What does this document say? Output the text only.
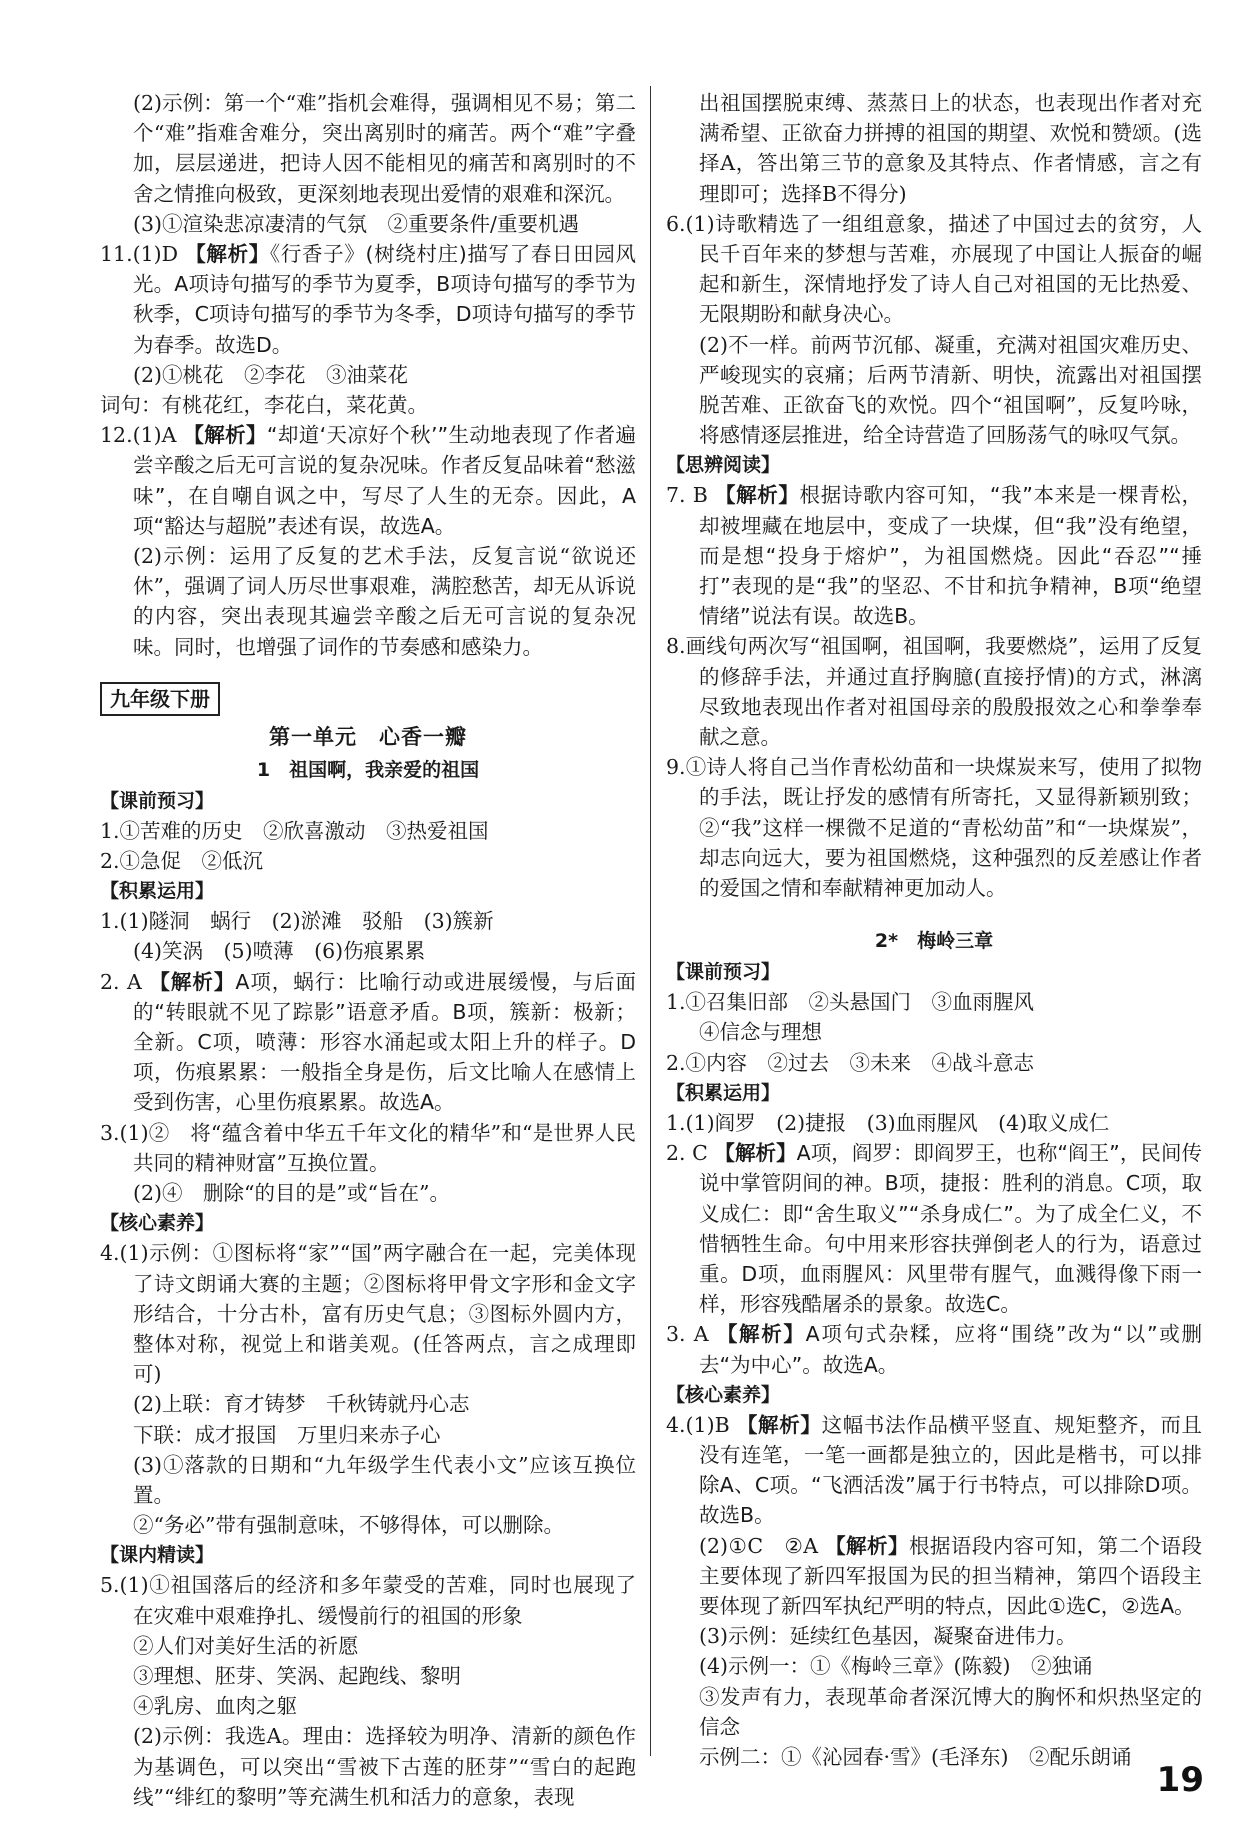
(2)示例：第一个“难”指机会难得，强调相见不易；第二个“难”指难舍难分，突出离别时的痛苦。两个“难”字叠加，层层递进，把诗人因不能相见的痛苦和离别时的不舍之情推向极致，更深刻地表现出爱情的艰难和深沉。

(3)①渲染悲凉凄清的气氛　②重要条件/重要机遇

11.(1)D 【解析】《行香子》(树绕村庄)描写了春日田园风光。A项诗句描写的季节为夏季，B项诗句描写的季节为秋季，C项诗句描写的季节为冬季，D项诗句描写的季节为春季。故选D。

(2)①桃花　②李花　③油菜花

词句：有桃花红，李花白，菜花黄。

12.(1)A 【解析】“却道‘天凉好个秋’”生动地表现了作者遍尝辛酸之后无可言说的复杂况味。作者反复品味着“愁滋味”，在自嘲自讽之中，写尽了人生的无奈。因此，A项“豁达与超脱”表述有误，故选A。

(2)示例：运用了反复的艺术手法，反复言说“欲说还休”，强调了词人历尽世事艰难，满腔愁苦，却无从诉说的内容，突出表现其遍尝辛酸之后无可言说的复杂况味。同时，也增强了词作的节奏感和感染力。

九年级下册
第一单元　心香一瓣
1　祖国啊，我亲爱的祖国
【课前预习】

1.①苦难的历史　②欣喜激动　③热爱祖国

2.①急促　②低沉

【积累运用】

1.(1)隧洞　蜗行　(2)淤滩　驳船　(3)簇新

(4)笑涡　(5)喷薄　(6)伤痕累累

2. A 【解析】A项，蜗行：比喻行动或进展缓慢，与后面的“转眼就不见了踪影”语意矛盾。B项，簇新：极新；全新。C项，喷薄：形容水涌起或太阳上升的样子。D项，伤痕累累：一般指全身是伤，后文比喻人在感情上受到伤害，心里伤痕累累。故选A。

3.(1)②　将“蕴含着中华五千年文化的精华”和“是世界人民共同的精神财富”互换位置。

(2)④　删除“的目的是”或“旨在”。

【核心素养】

4.(1)示例：①图标将“家”“国”两字融合在一起，完美体现了诗文朗诵大赛的主题；②图标将甲骨文字形和金文字形结合，十分古朴，富有历史气息；③图标外圆内方，整体对称，视觉上和谐美观。(任答两点，言之成理即可)

(2)上联：育才铸梦　千秋铸就丹心志

下联：成才报国　万里归来赤子心

(3)①落款的日期和“九年级学生代表小文”应该互换位置。

②“务必”带有强制意味，不够得体，可以删除。

【课内精读】

5.(1)①祖国落后的经济和多年蒙受的苦难，同时也展现了在灾难中艰难挣扎、缓慢前行的祖国的形象

②人们对美好生活的祈愿

③理想、胚芽、笑涡、起跑线、黎明

④乳房、血肉之躯

(2)示例：我选A。理由：选择较为明净、清新的颜色作为基调色，可以突出“雪被下古莲的胚芽”“雪白的起跑线”“绯红的黎明”等充满生机和活力的意象，表现

出祖国摆脱束缚、蒸蒸日上的状态，也表现出作者对充满希望、正欲奋力拼搏的祖国的期望、欢悦和赞颂。(选择A，答出第三节的意象及其特点、作者情感，言之有理即可；选择B不得分)

6.(1)诗歌精选了一组组意象，描述了中国过去的贫穷，人民千百年来的梦想与苦难，亦展现了中国让人振奋的崛起和新生，深情地抒发了诗人自己对祖国的无比热爱、无限期盼和献身决心。

(2)不一样。前两节沉郁、凝重，充满对祖国灾难历史、严峻现实的哀痛；后两节清新、明快，流露出对祖国摆脱苦难、正欲奋飞的欢悦。四个“祖国啊”，反复吟咏，将感情逐层推进，给全诗营造了回肠荡气的咏叹气氛。

【思辨阅读】

7. B 【解析】根据诗歌内容可知，“我”本来是一棵青松，却被埋藏在地层中，变成了一块煤，但“我”没有绝望，而是想“投身于熔炉”，为祖国燃烧。因此“吞忍”“捶打”表现的是“我”的坚忍、不甘和抗争精神，B项“绝望情绪”说法有误。故选B。

8.画线句两次写“祖国啊，祖国啊，我要燃烧”，运用了反复的修辞手法，并通过直抒胸臆(直接抒情)的方式，淋漓尽致地表现出作者对祖国母亲的殷殷报效之心和拳拳奉献之意。

9.①诗人将自己当作青松幼苗和一块煤炭来写，使用了拟物的手法，既让抒发的感情有所寄托，又显得新颖别致；②“我”这样一棵微不足道的“青松幼苗”和“一块煤炭”，却志向远大，要为祖国燃烧，这种强烈的反差感让作者的爱国之情和奉献精神更加动人。

2*　梅岭三章
【课前预习】

1.①召集旧部　②头悬国门　③血雨腥风

④信念与理想

2.①内容　②过去　③未来　④战斗意志

【积累运用】

1.(1)阎罗　(2)捷报　(3)血雨腥风　(4)取义成仁

2. C 【解析】A项，阎罗：即阎罗王，也称“阎王”，民间传说中掌管阴间的神。B项，捷报：胜利的消息。C项，取义成仁：即“舍生取义”“杀身成仁”。为了成全仁义，不惜牺牲生命。句中用来形容扶弹倒老人的行为，语意过重。D项，血雨腥风：风里带有腥气，血溅得像下雨一样，形容残酷屠杀的景象。故选C。

3. A 【解析】A项句式杂糅，应将“围绕”改为“以”或删去“为中心”。故选A。

【核心素养】

4.(1)B 【解析】这幅书法作品横平竖直、规矩整齐，而且没有连笔，一笔一画都是独立的，因此是楷书，可以排除A、C项。“飞洒活泼”属于行书特点，可以排除D项。故选B。

(2)①C　②A 【解析】根据语段内容可知，第二个语段主要体现了新四军报国为民的担当精神，第四个语段主要体现了新四军执纪严明的特点，因此①选C，②选A。

(3)示例：延续红色基因，凝聚奋进伟力。

(4)示例一：①《梅岭三章》(陈毅)　②独诵

③发声有力，表现革命者深沉博大的胸怀和炽热坚定的信念

示例二：①《沁园春·雪》(毛泽东)　②配乐朗诵

19
